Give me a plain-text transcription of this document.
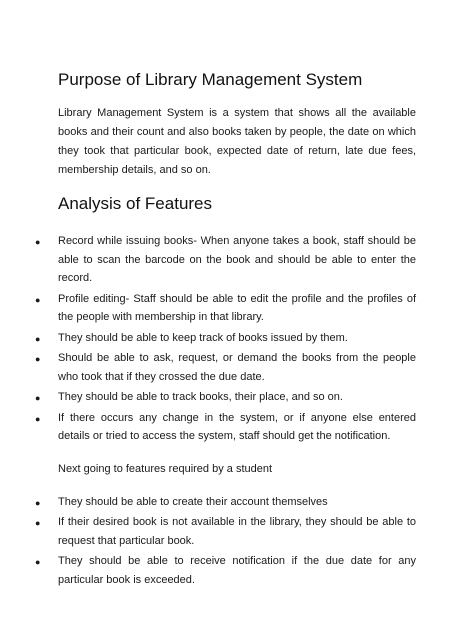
Purpose of Library Management System

Library Management System is a system that shows all the available books and their count and also books taken by people, the date on which they took that particular book, expected date of return, late due fees, membership details, and so on.

Analysis of Features
● Record while issuing books- When anyone takes a book, staff should be able to scan the barcode on the book and should be able to enter the record.
● Profile editing- Staff should be able to edit the profile and the profiles of the people with membership in that library.
● They should be able to keep track of books issued by them.
● Should be able to ask, request, or demand the books from the people who took that if they crossed the due date.
● They should be able to track books, their place, and so on.
● If there occurs any change in the system, or if anyone else entered details or tried to access the system, staff should get the notification.

Next going to features required by a student

● They should be able to create their account themselves
● If their desired book is not available in the library, they should be able to request that particular book.
● They should be able to receive notification if the due date for any particular book is exceeded.
